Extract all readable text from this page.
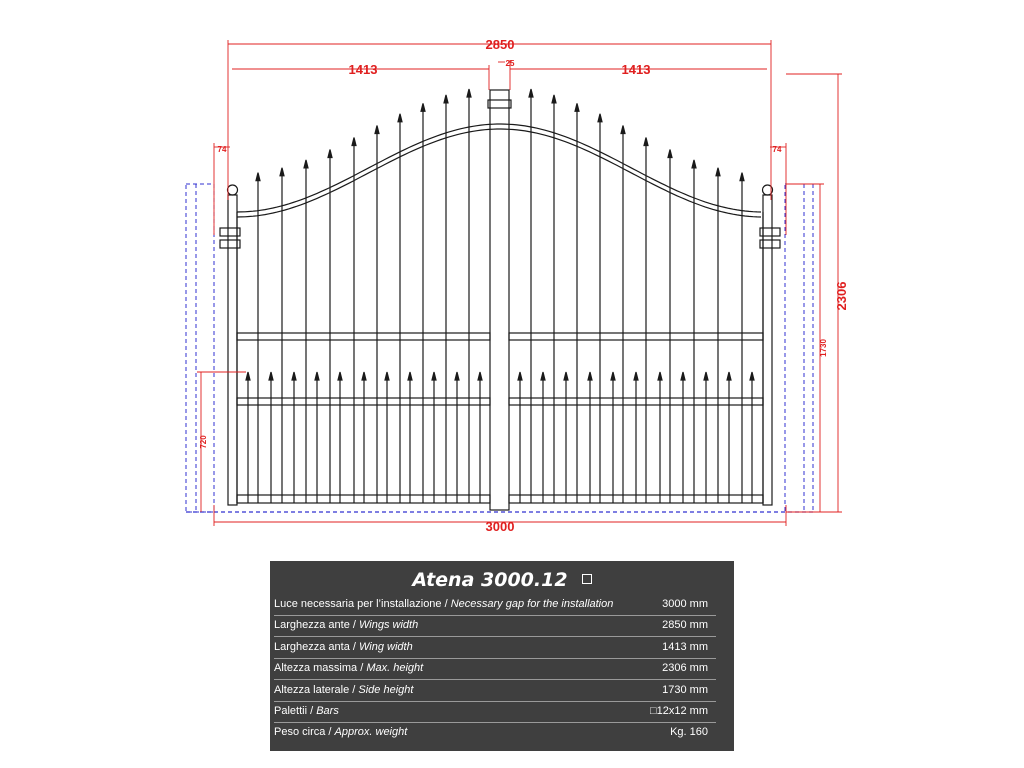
2850
1413	1413
25
74	74
3000
2306
1730
720
Atena 3000.12
Luce necessaria per l’installazione / Necessary gap for the installation	3000 mm
Larghezza ante / Wings width	2850 mm
Larghezza anta / Wing width	1413 mm
Altezza massima / Max. height	2306 mm
Altezza laterale / Side height	1730 mm
Palettii / Bars	□12x12 mm
Peso circa / Approx. weight	Kg. 160
